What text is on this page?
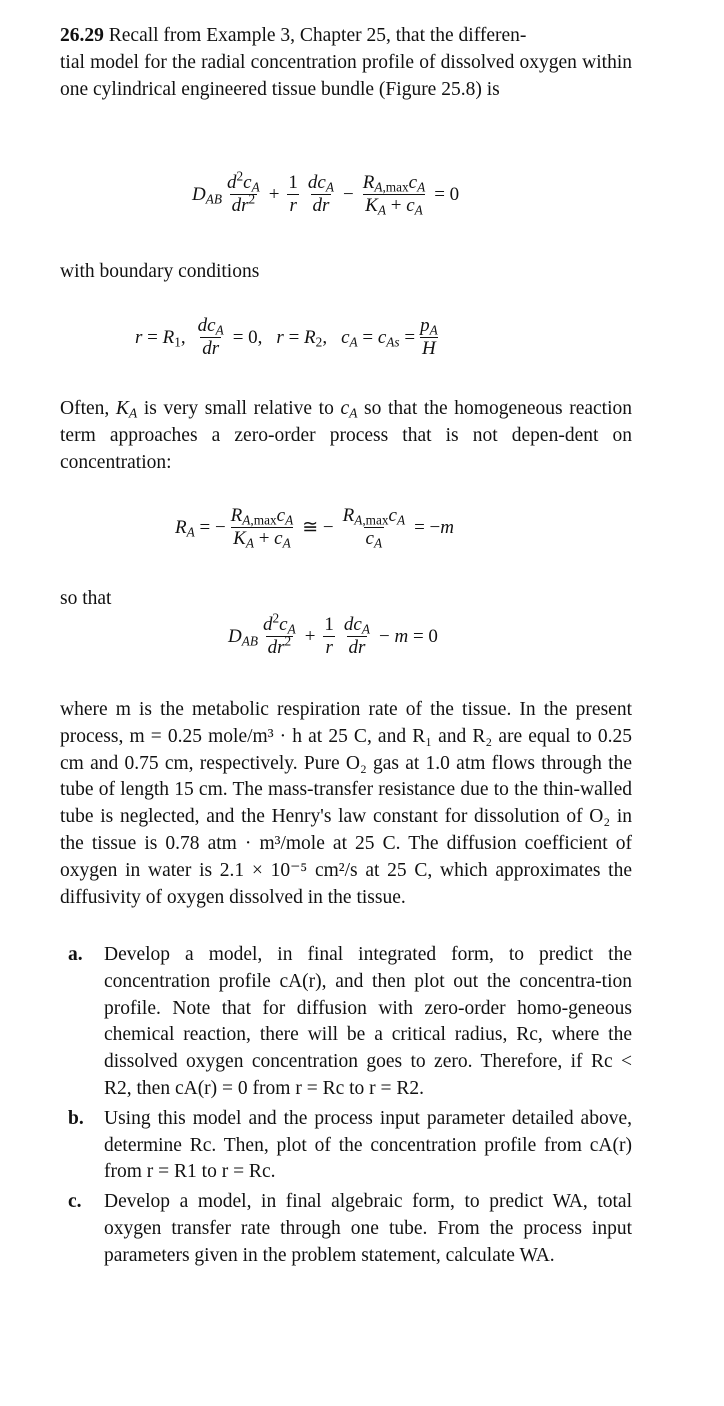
26.29 Recall from Example 3, Chapter 25, that the differen-
tial model for the radial concentration profile of dissolved oxygen within one cylindrical engineered tissue bundle (Figure 25.8) is
$D_{AB} \frac{d^2c_A}{dr^2} + \frac{1}{r} \frac{dc_A}{dr} - \frac{R_{A,max}c_A}{K_A + c_A} = 0$
with boundary conditions
$r = R_1$, $\frac{dc_A}{dr} = 0$, $r = R_2$, $c_A = c_{As} = \frac{p_A}{H}$
Often, $K_A$ is very small relative to $c_A$ so that the homogeneous reaction term approaches a zero-order process that is not depen-dent on concentration:
$R_A$ = − $\frac{R_{A,max}c_A}{K_A + c_A}$ ≅ − $\frac{R_{A,max}c_A}{c_A} = -m$
so that
$D_{AB} \frac{d^2c_A}{dr^2} + \frac{1}{r} \frac{dc_A}{dr} - m = 0$
where m is the metabolic respiration rate of the tissue. In the present process, m = 0.25 mole/m³ · h at 25 C, and R₁ and R₂ are equal to 0.25 cm and 0.75 cm, respectively. Pure O₂ gas at 1.0 atm flows through the tube of length 15 cm. The mass-transfer resistance due to the thin-walled tube is neglected, and the Henry's law constant for dissolution of O₂ in the tissue is 0.78 atm · m³/mole at 25 C. The diffusion coefficient of oxygen in water is 2.1 × 10⁻⁵ cm²/s at 25 C, which approximates the diffusivity of oxygen dissolved in the tissue.
a. Develop a model, in final integrated form, to predict the concentration profile cA(r), and then plot out the concentra-tion profile. Note that for diffusion with zero-order homo-geneous chemical reaction, there will be a critical radius, Rc, where the dissolved oxygen concentration goes to zero. Therefore, if Rc < R2, then cA(r) = 0 from r = Rc to r = R2.
b. Using this model and the process input parameter detailed above, determine Rc. Then, plot of the concentration profile from cA(r) from r = R1 to r = Rc.
c. Develop a model, in final algebraic form, to predict WA, total oxygen transfer rate through one tube. From the process input parameters given in the problem statement, calculate WA.
